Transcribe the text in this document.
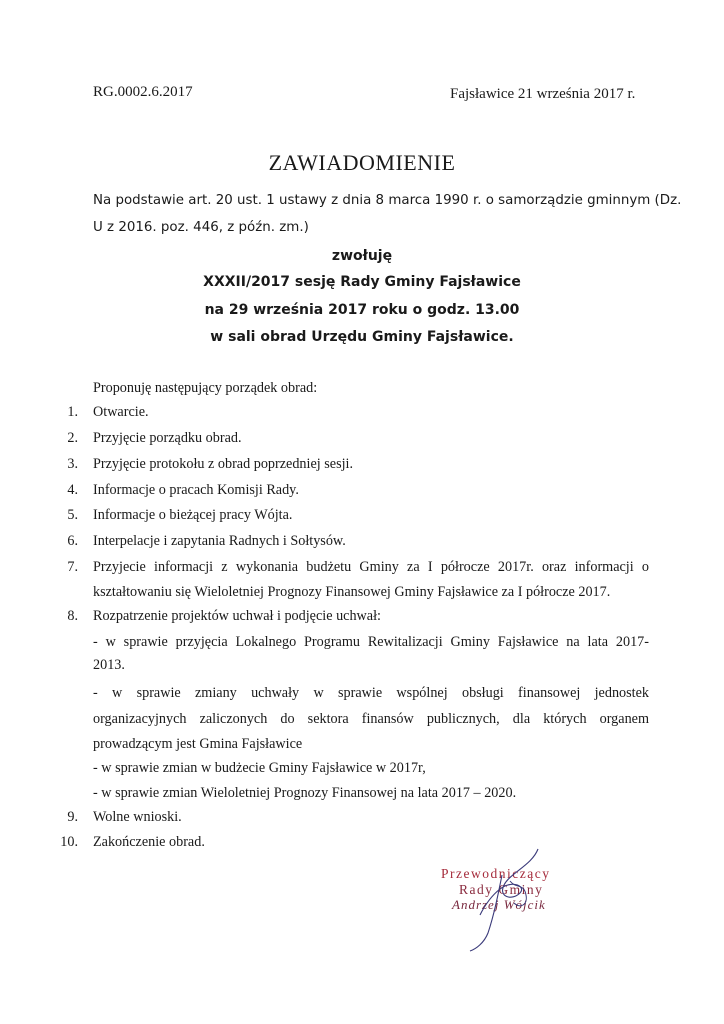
RG.0002.6.2017	Fajsławice 21 września 2017 r.
ZAWIADOMIENIE
Na podstawie art. 20 ust. 1 ustawy z dnia 8 marca 1990 r. o samorządzie gminnym (Dz.
U z 2016. poz. 446, z późn. zm.)
zwołuję
XXXII/2017 sesję Rady Gminy Fajsławice
na 29 września 2017 roku o godz. 13.00
w sali obrad Urzędu Gminy Fajsławice.
Proponuję następujący porządek obrad:
1. Otwarcie.
2. Przyjęcie porządku obrad.
3. Przyjęcie protokołu z obrad poprzedniej sesji.
4. Informacje o pracach Komisji Rady.
5. Informacje o bieżącej pracy Wójta.
6. Interpelacje i zapytania Radnych i Sołtysów.
7. Przyjecie informacji z wykonania budżetu Gminy za I półrocze 2017r. oraz informacji o
kształtowaniu się Wieloletniej Prognozy Finansowej Gminy Fajsławice za I półrocze 2017.
8. Rozpatrzenie projektów uchwał i podjęcie uchwał:
- w sprawie przyjęcia Lokalnego Programu Rewitalizacji Gminy Fajsławice na lata 2017-
2013.
- w sprawie zmiany uchwały w sprawie wspólnej obsługi finansowej jednostek
organizacyjnych zaliczonych do sektora finansów publicznych, dla których organem
prowadzącym jest Gmina Fajsławice
- w sprawie zmian w budżecie Gminy Fajsławice w 2017r,
- w sprawie zmian Wieloletniej Prognozy Finansowej na lata 2017 – 2020.
9. Wolne wnioski.
10. Zakończenie obrad.
Przewodniczący
Rady Gminy
Andrzej Wójcik
